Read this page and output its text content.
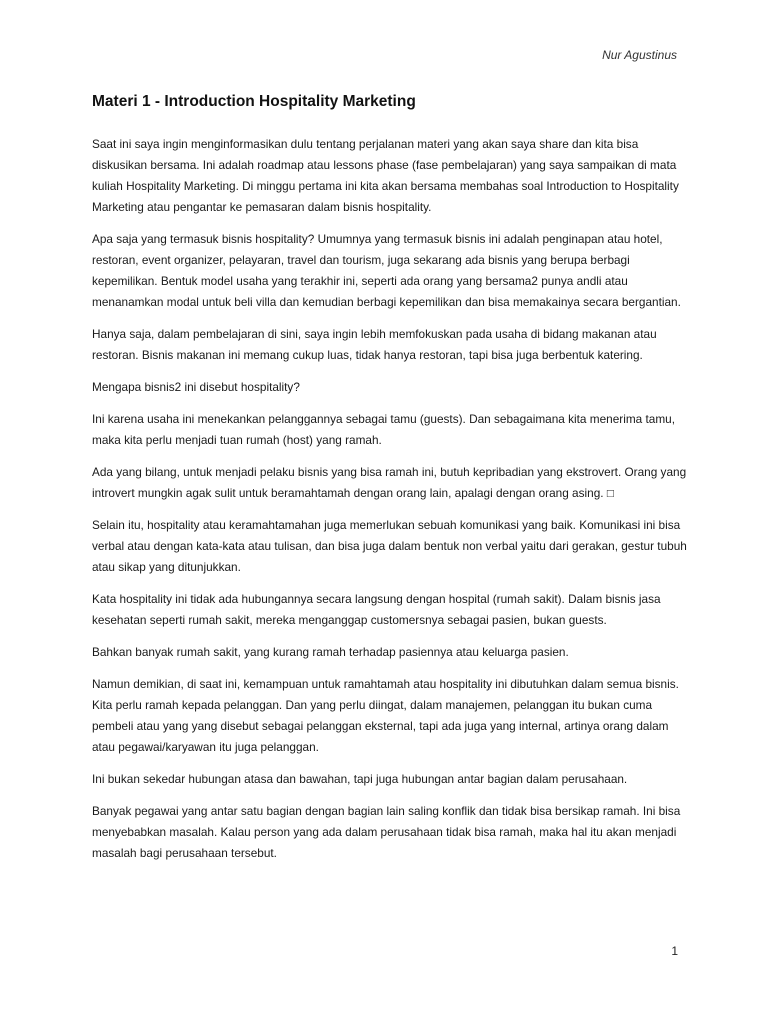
Nur Agustinus
Materi 1 - Introduction Hospitality Marketing

Saat ini saya ingin menginformasikan dulu tentang perjalanan materi yang akan saya share dan kita bisa diskusikan bersama. Ini adalah roadmap atau lessons phase (fase pembelajaran) yang saya sampaikan di mata kuliah Hospitality Marketing. Di minggu pertama ini kita akan bersama membahas soal Introduction to Hospitality Marketing atau pengantar ke pemasaran dalam bisnis hospitality.

Apa saja yang termasuk bisnis hospitality? Umumnya yang termasuk bisnis ini adalah penginapan atau hotel, restoran, event organizer, pelayaran, travel dan tourism, juga sekarang ada bisnis yang berupa berbagi kepemilikan. Bentuk model usaha yang terakhir ini, seperti ada orang yang bersama2 punya andli atau menanamkan modal untuk beli villa dan kemudian berbagi kepemilikan dan bisa memakainya secara bergantian.

Hanya saja, dalam pembelajaran di sini, saya ingin lebih memfokuskan pada usaha di bidang makanan atau restoran. Bisnis makanan ini memang cukup luas, tidak hanya restoran, tapi bisa juga berbentuk katering.

Mengapa bisnis2 ini disebut hospitality?

Ini karena usaha ini menekankan pelanggannya sebagai tamu (guests). Dan sebagaimana kita menerima tamu, maka kita perlu menjadi tuan rumah (host) yang ramah.

Ada yang bilang, untuk menjadi pelaku bisnis yang bisa ramah ini, butuh kepribadian yang ekstrovert. Orang yang introvert mungkin agak sulit untuk beramahtamah dengan orang lain, apalagi dengan orang asing. □

Selain itu, hospitality atau keramahtamahan juga memerlukan sebuah komunikasi yang baik. Komunikasi ini bisa verbal atau dengan kata-kata atau tulisan, dan bisa juga dalam bentuk non verbal yaitu dari gerakan, gestur tubuh atau sikap yang ditunjukkan.

Kata hospitality ini tidak ada hubungannya secara langsung dengan hospital (rumah sakit). Dalam bisnis jasa kesehatan seperti rumah sakit, mereka menganggap customersnya sebagai pasien, bukan guests.

Bahkan banyak rumah sakit, yang kurang ramah terhadap pasiennya atau keluarga pasien.

Namun demikian, di saat ini, kemampuan untuk ramahtamah atau hospitality ini dibutuhkan dalam semua bisnis. Kita perlu ramah kepada pelanggan. Dan yang perlu diingat, dalam manajemen, pelanggan itu bukan cuma pembeli atau yang yang disebut sebagai pelanggan eksternal, tapi ada juga yang internal, artinya orang dalam atau pegawai/karyawan itu juga pelanggan.

Ini bukan sekedar hubungan atasa dan bawahan, tapi juga hubungan antar bagian dalam perusahaan.

Banyak pegawai yang antar satu bagian dengan bagian lain saling konflik dan tidak bisa bersikap ramah. Ini bisa menyebabkan masalah. Kalau person yang ada dalam perusahaan tidak bisa ramah, maka hal itu akan menjadi masalah bagi perusahaan tersebut.

1
